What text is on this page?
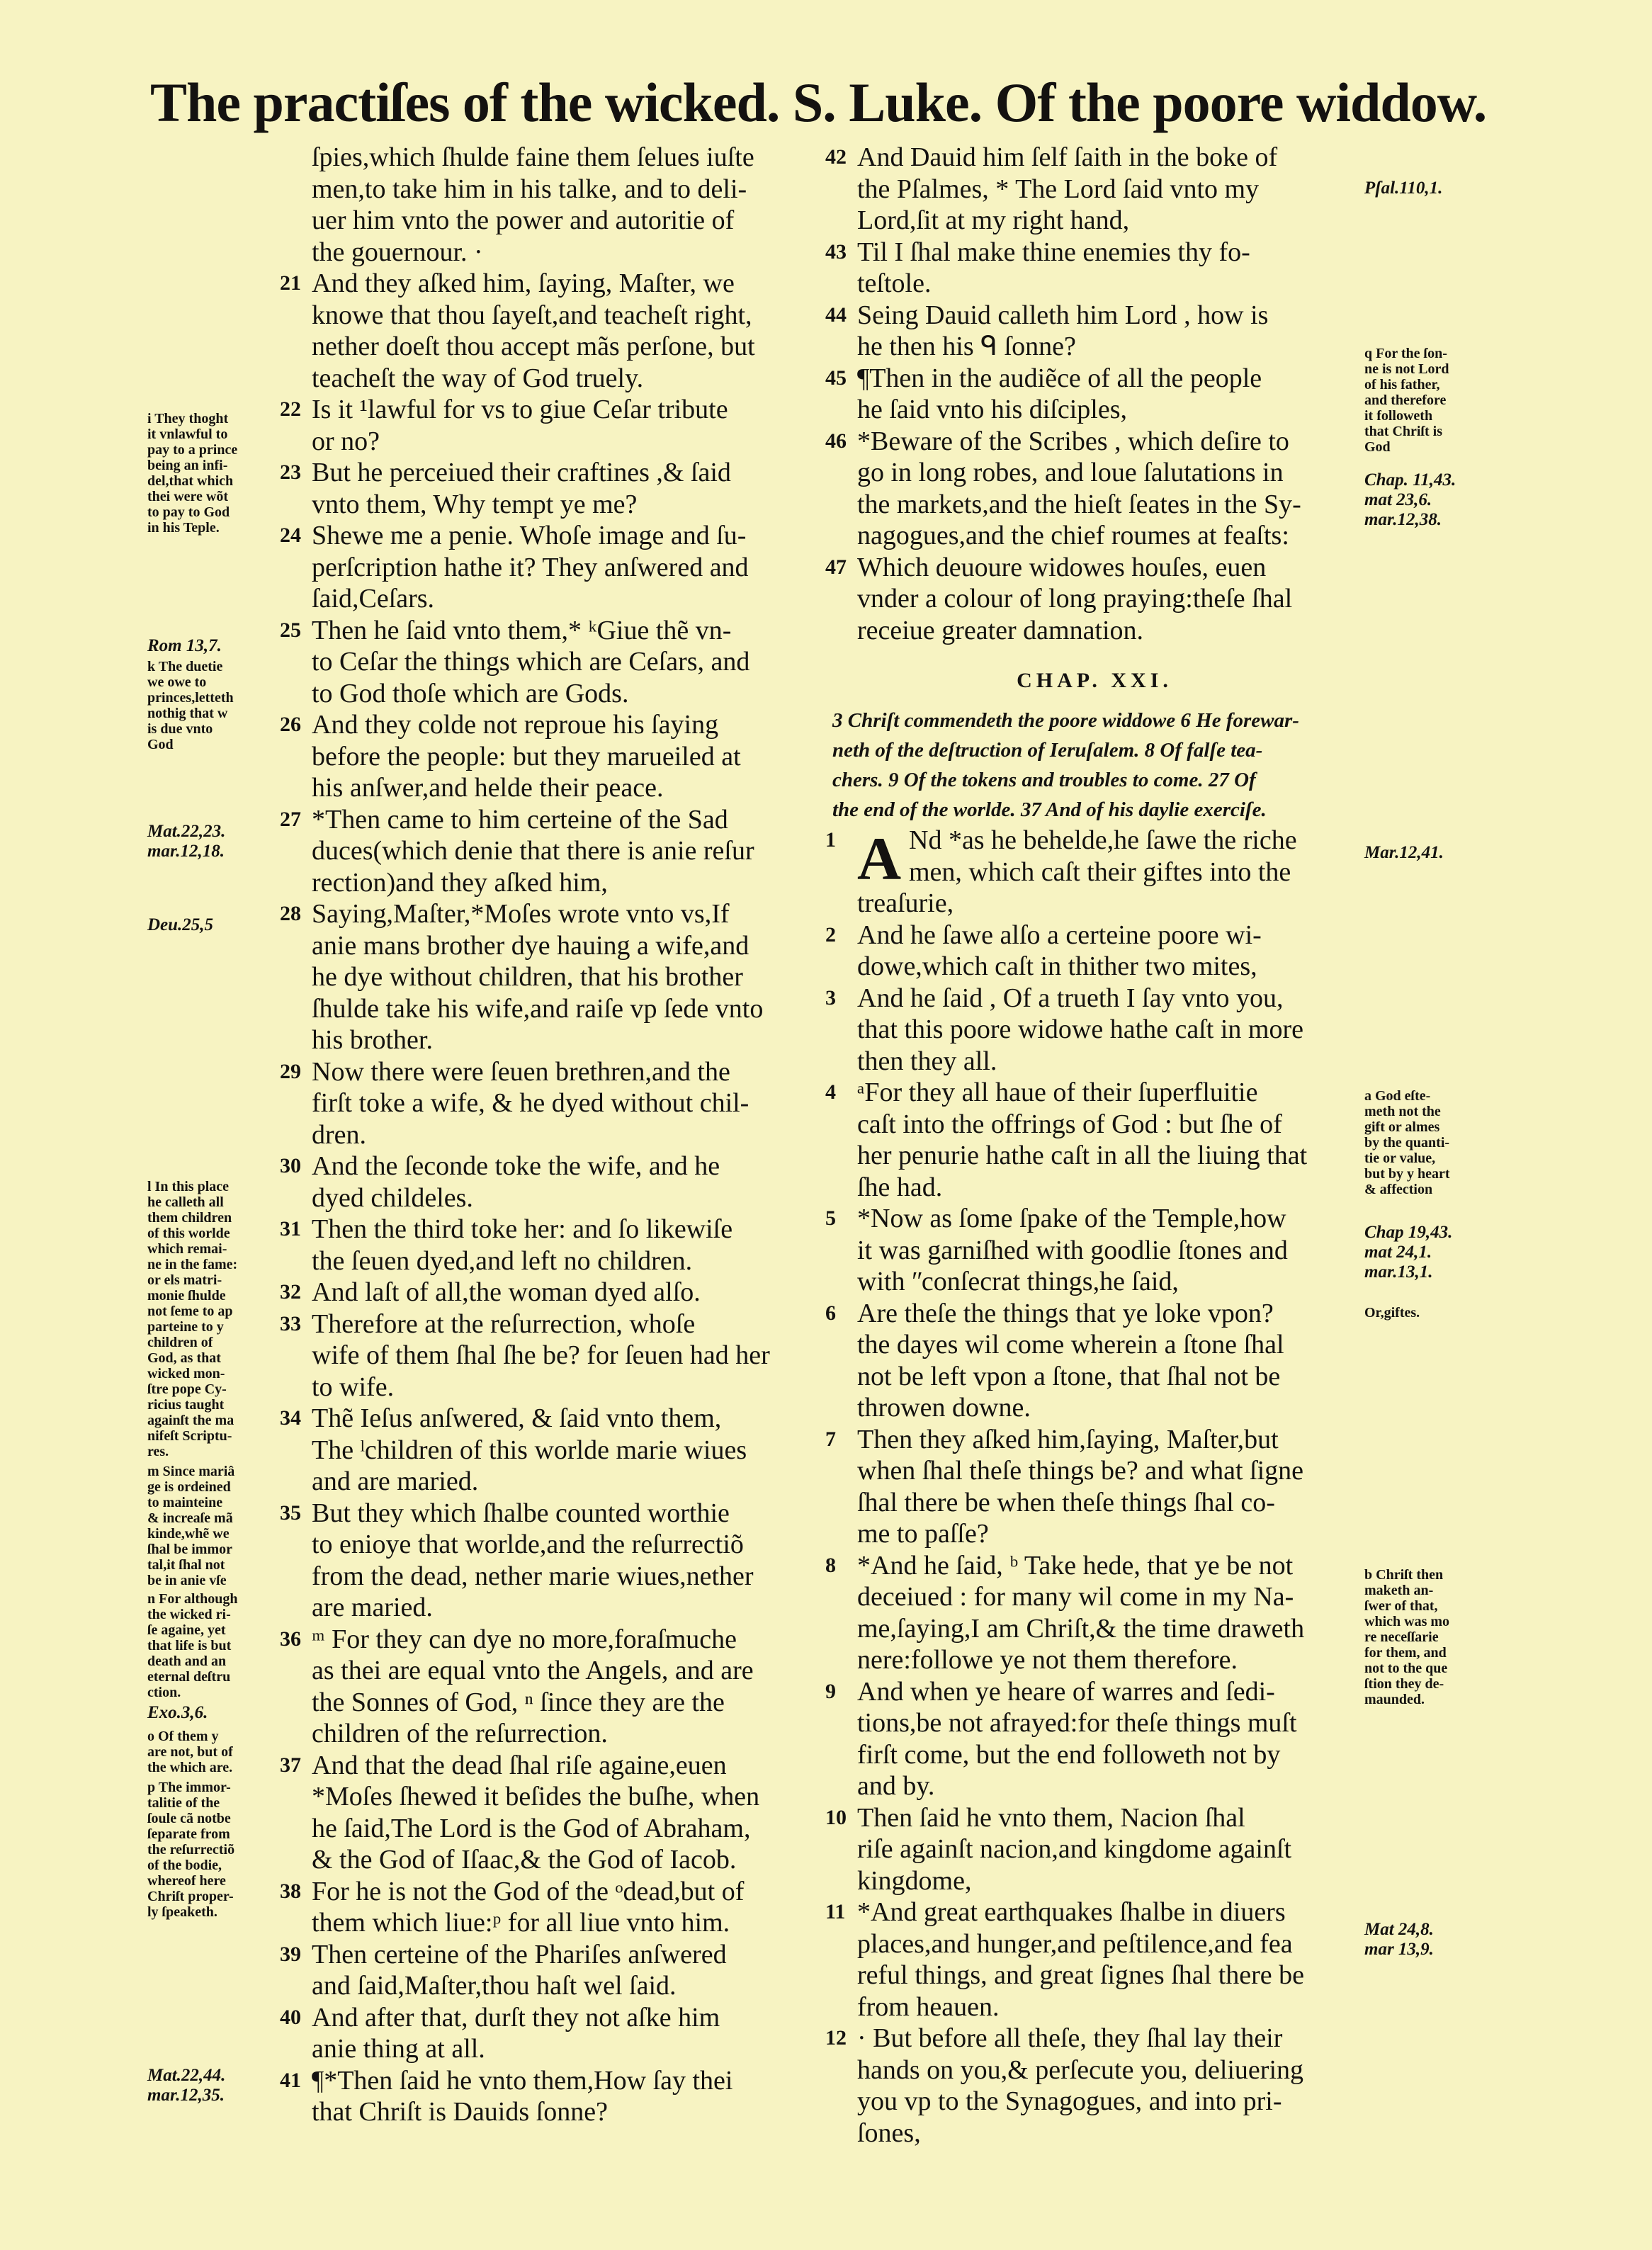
The practiſes of the wicked. S. Luke. Of the poore widdow.
ſpies,which ſhulde faine them ſelues iuſte
men,to take him in his talke, and to deli-
uer him vnto the power and autoritie of
the gouernour. ·
21 And they aſked him, ſaying, Maſter, we
knowe that thou ſayeſt,and teacheſt right,
nether doeſt thou accept mãs perſone, but
teacheſt the way of God truely.
22 Is it ¹lawful for vs to giue Ceſar tribute
or no?
23 But he perceiued their craftines ,& ſaid
vnto them, Why tempt ye me?
24 Shewe me a penie. Whoſe image and ſu-
perſcription hathe it? They anſwered and
ſaid,Ceſars.
25 Then he ſaid vnto them,* ᵏGiue thẽ vn-
to Ceſar the things which are Ceſars, and
to God thoſe which are Gods.
26 And they colde not reproue his ſaying
before the people: but they marueiled at
his anſwer,and helde their peace.
27 *Then came to him certeine of the Sad
duces(which denie that there is anie reſur
rection)and they aſked him,
28 Saying,Maſter,*Moſes wrote vnto vs,If
anie mans brother dye hauing a wife,and
he dye without children, that his brother
ſhulde take his wife,and raiſe vp ſede vnto
his brother.
29 Now there were ſeuen brethren,and the
firſt toke a wife, & he dyed without chil-
dren.
30 And the ſeconde toke the wife, and he
dyed childeles.
31 Then the third toke her: and ſo likewiſe
the ſeuen dyed,and left no children.
32 And laſt of all,the woman dyed alſo.
33 Therefore at the reſurrection, whoſe
wife of them ſhal ſhe be? for ſeuen had her
to wife.
34 Thẽ Ieſus anſwered, & ſaid vnto them,
The ˡchildren of this worlde marie wiues
and are maried.
35 But they which ſhalbe counted worthie
to enioye that worlde,and the reſurrectiõ
from the dead, nether marie wiues,nether
are maried.
36 ᵐ For they can dye no more,foraſmuche
as thei are equal vnto the Angels, and are
the Sonnes of God, ⁿ ſince they are the
children of the reſurrection.
37 And that the dead ſhal riſe againe,euen
*Moſes ſhewed it beſides the buſhe, when
he ſaid,The Lord is the God of Abraham,
& the God of Iſaac,& the God of Iacob.
38 For he is not the God of the ᵒdead,but of
them which liue:ᵖ for all liue vnto him.
39 Then certeine of the Phariſes anſwered
and ſaid,Maſter,thou haſt wel ſaid.
40 And after that, durſt they not aſke him
anie thing at all.
41 ¶*Then ſaid he vnto them,How ſay thei
that Chriſt is Dauids ſonne?
42 And Dauid him ſelf ſaith in the boke of
the Pſalmes, * The Lord ſaid vnto my
Lord,ſit at my right hand,
43 Til I ſhal make thine enemies thy fo-
teſtole.
44 Seing Dauid calleth him Lord , how is
he then his ᑫ ſonne?
45 ¶Then in the audiẽce of all the people
he ſaid vnto his diſciples,
46 *Beware of the Scribes , which deſire to
go in long robes, and loue ſalutations in
the markets,and the hieſt ſeates in the Sy-
nagogues,and the chief roumes at feaſts:
47 Which deuoure widowes houſes, euen
vnder a colour of long praying:theſe ſhal
receiue greater damnation.
CHAP. XXI.
3 Chriſt commendeth the poore widdowe 6 He forewar-
neth of the deſtruction of Ieruſalem. 8 Of falſe tea-
chers. 9 Of the tokens and troubles to come. 27 Of
the end of the worlde. 37 And of his daylie exerciſe.
A
1	Nd *as he behelde,he ſawe the riche
men, which caſt their giftes into the
treaſurie,
2 And he ſawe alſo a certeine poore wi-
dowe,which caſt in thither two mites,
3 And he ſaid , Of a trueth I ſay vnto you,
that this poore widowe hathe caſt in more
then they all.
4 ᵃFor they all haue of their ſuperfluitie
caſt into the offrings of God : but ſhe of
her penurie hathe caſt in all the liuing that
ſhe had.
5 *Now as ſome ſpake of the Temple,how
it was garniſhed with goodlie ſtones and
with ʺconſecrat things,he ſaid,
6 Are theſe the things that ye loke vpon?
the dayes wil come wherein a ſtone ſhal
not be left vpon a ſtone, that ſhal not be
throwen downe.
7 Then they aſked him,ſaying, Maſter,but
when ſhal theſe things be? and what ſigne
ſhal there be when theſe things ſhal co-
me to paſſe?
8 *And he ſaid, ᵇ Take hede, that ye be not
deceiued : for many wil come in my Na-
me,ſaying,I am Chriſt,& the time draweth
nere:followe ye not them therefore.
9 And when ye heare of warres and ſedi-
tions,be not afrayed:for theſe things muſt
firſt come, but the end followeth not by
and by.
10 Then ſaid he vnto them, Nacion ſhal
riſe againſt nacion,and kingdome againſt
kingdome,
11 *And great earthquakes ſhalbe in diuers
places,and hunger,and peſtilence,and fea
reful things, and great ſignes ſhal there be
from heauen.
12 · But before all theſe, they ſhal lay their
hands on you,& perſecute you, deliuering
you vp to the Synagogues, and into pri-
ſones,
i They thoght
it vnlawful to
pay to a prince
being an infi-
del,that which
thei were wõt
to pay to God
in his Teple.
Rom 13,7.
k The duetie
we owe to
princes,letteth
nothig that w
is due vnto
God
Mat.22,23.
mar.12,18.
Deu.25,5
l In this place
he calleth all
them children
of this worlde
which remai-
ne in the fame:
or els matri-
monie ſhulde
not ſeme to ap
parteine to y
children of
God, as that
wicked mon-
ſtre pope Cy-
ricius taught
againſt the ma
nifeſt Scriptu-
res.
m Since mariâ
ge is ordeined
to mainteine
& increaſe mã
kinde,whẽ we
ſhal be immor
tal,it ſhal not
be in anie vſe
n For although
the wicked ri-
ſe againe, yet
that life is but
death and an
eternal deſtru
ction.
Exo.3,6.
o Of them y
are not, but of
the which are.
p The immor-
talitie of the
ſoule cã notbe
ſeparate from
the reſurrectiõ
of the bodie,
whereof here
Chriſt proper-
ly ſpeaketh.
Mat.22,44.
mar.12,35.
Pſal.110,1.
q For the ſon-
ne is not Lord
of his father,
and therefore
it followeth
that Chriſt is
God
Chap. 11,43.
mat 23,6.
mar.12,38.
Mar.12,41.
a God eſte-
meth not the
gift or almes
by the quanti-
tie or value,
but by y heart
& affection
Chap 19,43.
mat 24,1.
mar.13,1.
Or,giftes.
b Chriſt then
maketh an-
ſwer of that,
which was mo
re neceſſarie
for them, and
not to the que
ſtion they de-
maunded.
Mat 24,8.
mar 13,9.
